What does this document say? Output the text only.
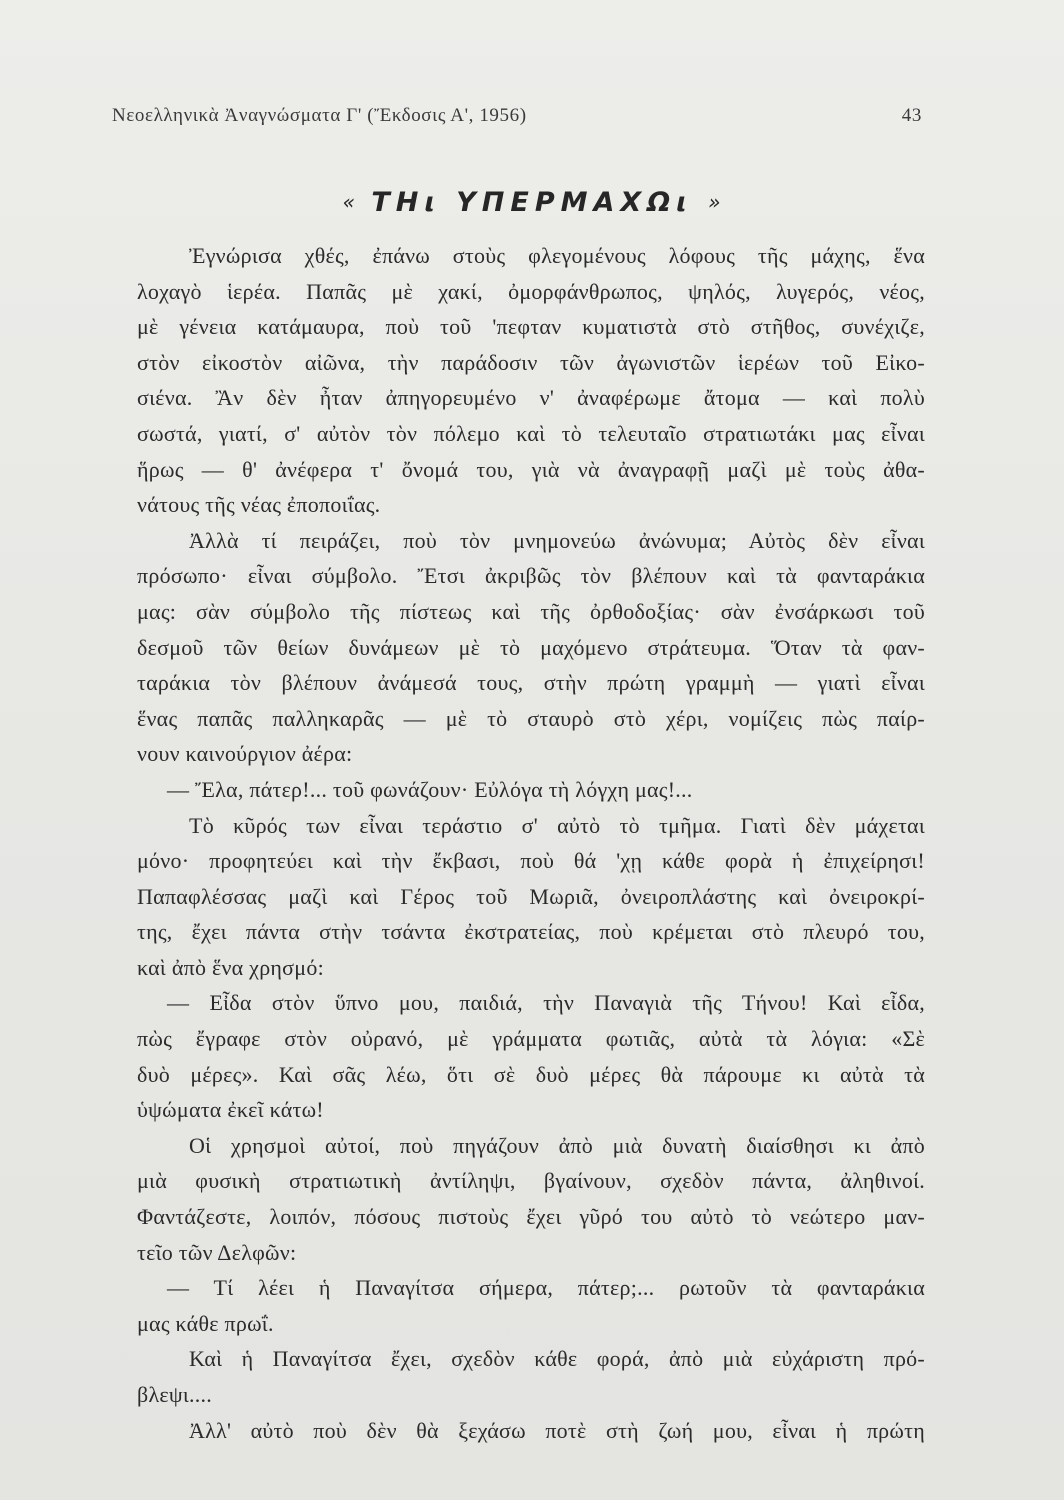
Νεοελληνικὰ Ἀναγνώσματα Γ' (Ἔκδοσις Α', 1956)	43
« ΤΗι ΥΠΕΡΜΑΧΩι »
Ἐγνώρισα χθές, ἐπάνω στοὺς φλεγομένους λόφους τῆς μάχης, ἕνα
λοχαγὸ ἱερέα. Παπᾶς μὲ χακί, ὀμορφάνθρωπος, ψηλός, λυγερός, νέος,
μὲ γένεια κατάμαυρα, ποὺ τοῦ 'πεφταν κυματιστὰ στὸ στῆθος, συνέχιζε,
στὸν εἰκοστὸν αἰῶνα, τὴν παράδοσιν τῶν ἀγωνιστῶν ἱερέων τοῦ Εἰκο-
σιένα. Ἂν δὲν ἦταν ἀπηγορευμένο ν' ἀναφέρωμε ἄτομα — καὶ πολὺ
σωστά, γιατί, σ' αὐτὸν τὸν πόλεμο καὶ τὸ τελευταῖο στρατιωτάκι μας εἶναι
ἥρως — θ' ἀνέφερα τ' ὄνομά του, γιὰ νὰ ἀναγραφῇ μαζὶ μὲ τοὺς ἀθα-
νάτους τῆς νέας ἐποποιΐας.
Ἀλλὰ τί πειράζει, ποὺ τὸν μνημονεύω ἀνώνυμα; Αὐτὸς δὲν εἶναι
πρόσωπο· εἶναι σύμβολο. Ἔτσι ἀκριβῶς τὸν βλέπουν καὶ τὰ φανταράκια
μας: σὰν σύμβολο τῆς πίστεως καὶ τῆς ὀρθοδοξίας· σὰν ἐνσάρκωσι τοῦ
δεσμοῦ τῶν θείων δυνάμεων μὲ τὸ μαχόμενο στράτευμα. Ὅταν τὰ φαν-
ταράκια τὸν βλέπουν ἀνάμεσά τους, στὴν πρώτη γραμμὴ — γιατὶ εἶναι
ἕνας παπᾶς παλληκαρᾶς — μὲ τὸ σταυρὸ στὸ χέρι, νομίζεις πὼς παίρ-
νουν καινούργιον ἀέρα:
— Ἔλα, πάτερ!... τοῦ φωνάζουν· Εὐλόγα τὴ λόγχη μας!...
Τὸ κῦρός των εἶναι τεράστιο σ' αὐτὸ τὸ τμῆμα. Γιατὶ δὲν μάχεται
μόνο· προφητεύει καὶ τὴν ἔκβασι, ποὺ θά 'χῃ κάθε φορὰ ἡ ἐπιχείρησι!
Παπαφλέσσας μαζὶ καὶ Γέρος τοῦ Μωριᾶ, ὀνειροπλάστης καὶ ὀνειροκρί-
της, ἔχει πάντα στὴν τσάντα ἐκστρατείας, ποὺ κρέμεται στὸ πλευρό του,
καὶ ἀπὸ ἕνα χρησμό:
— Εἶδα στὸν ὕπνο μου, παιδιά, τὴν Παναγιὰ τῆς Τήνου! Καὶ εἶδα,
πὼς ἔγραφε στὸν οὐρανό, μὲ γράμματα φωτιᾶς, αὐτὰ τὰ λόγια: «Σὲ
δυὸ μέρες». Καὶ σᾶς λέω, ὅτι σὲ δυὸ μέρες θὰ πάρουμε κι αὐτὰ τὰ
ὑψώματα ἐκεῖ κάτω!
Οἱ χρησμοὶ αὐτοί, ποὺ πηγάζουν ἀπὸ μιὰ δυνατὴ διαίσθησι κι ἀπὸ
μιὰ φυσικὴ στρατιωτικὴ ἀντίληψι, βγαίνουν, σχεδὸν πάντα, ἀληθινοί.
Φαντάζεστε, λοιπόν, πόσους πιστοὺς ἔχει γῦρό του αὐτὸ τὸ νεώτερο μαν-
τεῖο τῶν Δελφῶν:
— Τί λέει ἡ Παναγίτσα σήμερα, πάτερ;... ρωτοῦν τὰ φανταράκια
μας κάθε πρωΐ.
Καὶ ἡ Παναγίτσα ἔχει, σχεδὸν κάθε φορά, ἀπὸ μιὰ εὐχάριστη πρό-
βλεψι....
Ἀλλ' αὐτὸ ποὺ δὲν θὰ ξεχάσω ποτὲ στὴ ζωή μου, εἶναι ἡ πρώτη
